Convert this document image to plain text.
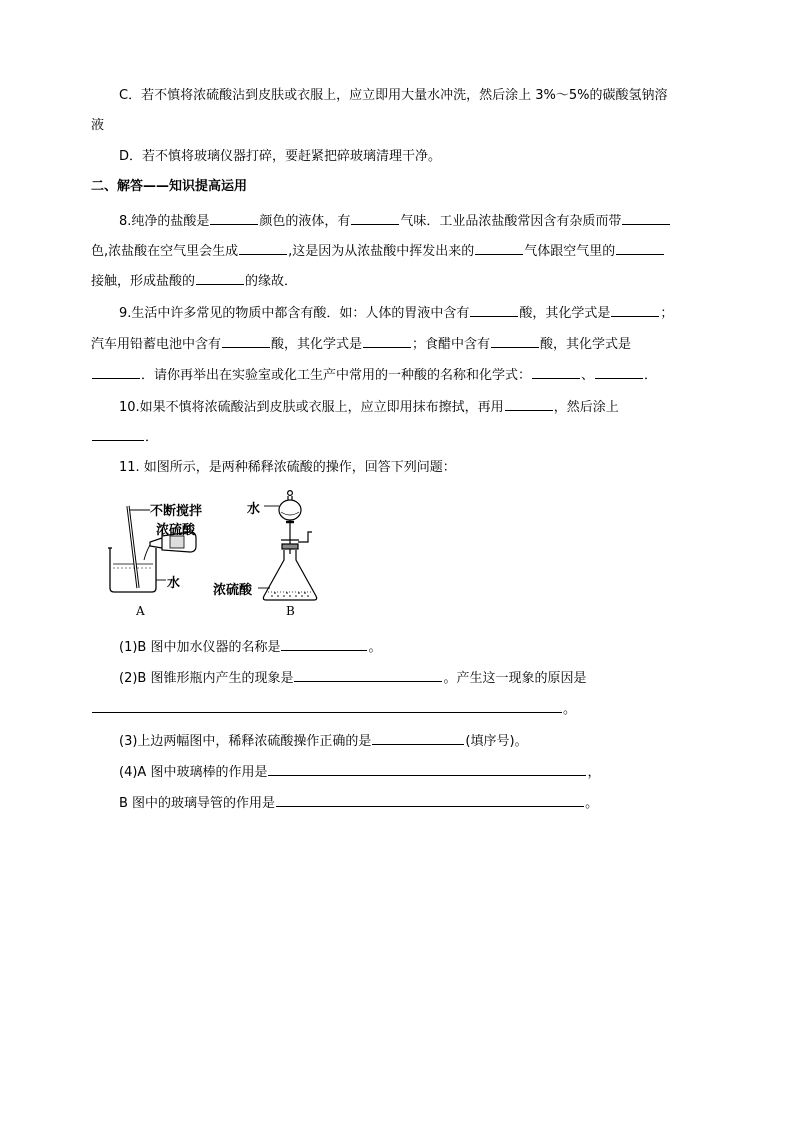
C．若不慎将浓硫酸沾到皮肤或衣服上，应立即用大量水冲洗，然后涂上 3%～5%的碳酸氢钠溶
液
D．若不慎将玻璃仪器打碎，要赶紧把碎玻璃清理干净。
二、解答——知识提高运用
8.纯净的盐酸是	颜色的液体，有	气味．工业品浓盐酸常因含有杂质而带
色,浓盐酸在空气里会生成	,这是因为从浓盐酸中挥发出来的	气体跟空气里的
接触，形成盐酸的	的缘故．
9.生活中许多常见的物质中都含有酸．如：人体的胃液中含有	酸，其化学式是	；
汽车用铅蓄电池中含有	酸，其化学式是	；食醋中含有	酸，其化学式是
．请你再举出在实验室或化工生产中常用的一种酸的名称和化学式：	、	．
10.如果不慎将浓硫酸沾到皮肤或衣服上，应立即用抹布擦拭，再用	，然后涂上
．
11. 如图所示，是两种稀释浓硫酸的操作，回答下列问题：
不断搅拌
浓硫酸
水
A
水
浓硫酸
B
(1)B 图中加水仪器的名称是	。
(2)B 图锥形瓶内产生的现象是	。产生这一现象的原因是
。
(3)上边两幅图中，稀释浓硫酸操作正确的是	(填序号)。
(4)A 图中玻璃棒的作用是	，
B 图中的玻璃导管的作用是	。
